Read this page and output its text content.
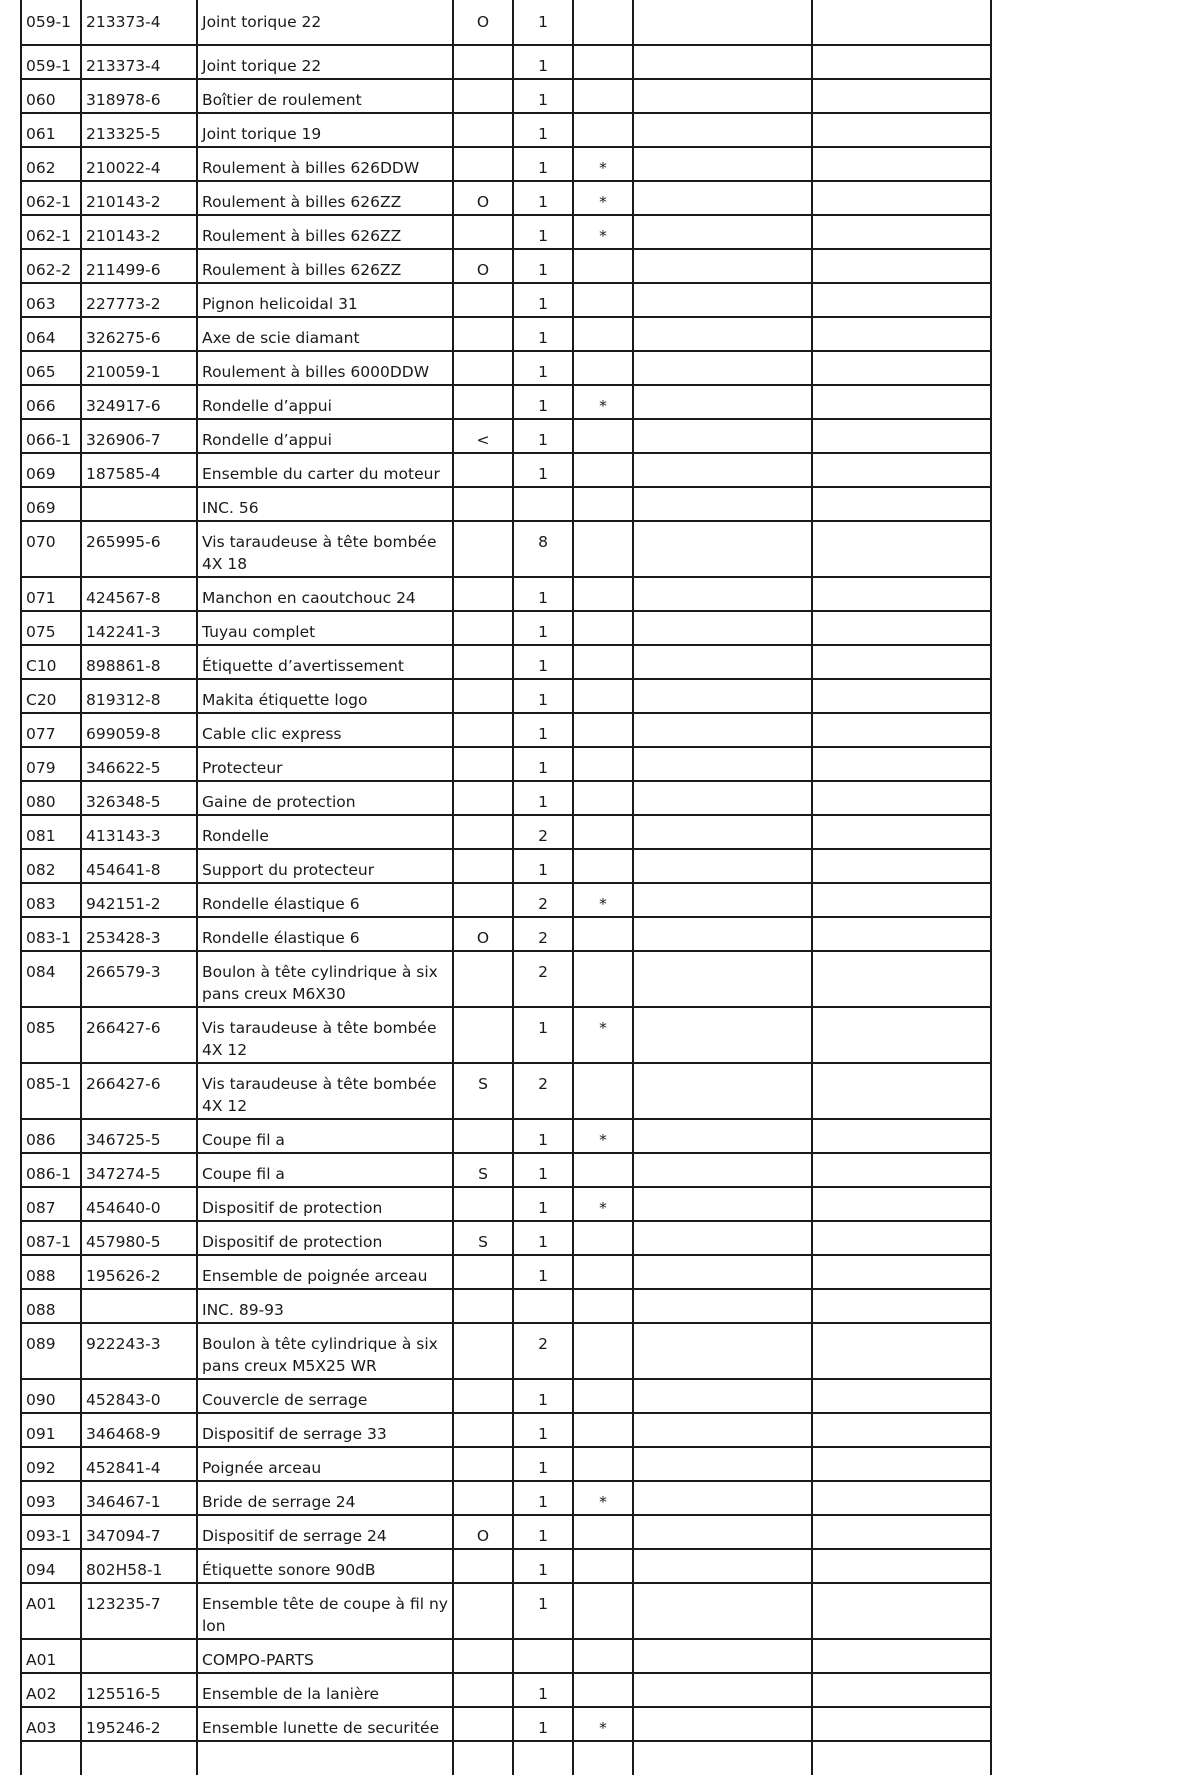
059-1	213373-4	Joint torique 22	O	1			
059-1	213373-4	Joint torique 22		1			
060	318978-6	Boîtier de roulement		1			
061	213325-5	Joint torique 19		1			
062	210022-4	Roulement à billes 626DDW		1	*		
062-1	210143-2	Roulement à billes 626ZZ	O	1	*		
062-1	210143-2	Roulement à billes 626ZZ		1	*		
062-2	211499-6	Roulement à billes 626ZZ	O	1			
063	227773-2	Pignon helicoidal 31		1			
064	326275-6	Axe de scie diamant		1			
065	210059-1	Roulement à billes 6000DDW		1			
066	324917-6	Rondelle d’appui		1	*		
066-1	326906-7	Rondelle d’appui	<	1			
069	187585-4	Ensemble du carter du moteur		1			
069		INC. 56					
070	265995-6	Vis taraudeuse à tête bombée 4X 18		8			
071	424567-8	Manchon en caoutchouc 24		1			
075	142241-3	Tuyau complet		1			
C10	898861-8	Étiquette d’avertissement		1			
C20	819312-8	Makita étiquette logo		1			
077	699059-8	Cable clic express		1			
079	346622-5	Protecteur		1			
080	326348-5	Gaine de protection		1			
081	413143-3	Rondelle		2			
082	454641-8	Support du protecteur		1			
083	942151-2	Rondelle élastique 6		2	*		
083-1	253428-3	Rondelle élastique 6	O	2			
084	266579-3	Boulon à tête cylindrique à six pans creux M6X30		2			
085	266427-6	Vis taraudeuse à tête bombée 4X 12		1	*		
085-1	266427-6	Vis taraudeuse à tête bombée 4X 12	S	2			
086	346725-5	Coupe fil a		1	*		
086-1	347274-5	Coupe fil a	S	1			
087	454640-0	Dispositif de protection		1	*		
087-1	457980-5	Dispositif de protection	S	1			
088	195626-2	Ensemble de poignée arceau		1			
088		INC. 89-93					
089	922243-3	Boulon à tête cylindrique à six pans creux M5X25 WR		2			
090	452843-0	Couvercle de serrage		1			
091	346468-9	Dispositif de serrage 33		1			
092	452841-4	Poignée arceau		1			
093	346467-1	Bride de serrage 24		1	*		
093-1	347094-7	Dispositif de serrage 24	O	1			
094	802H58-1	Étiquette sonore 90dB		1			
A01	123235-7	Ensemble tête de coupe à fil nylon		1			
A01		COMPO-PARTS					
A02	125516-5	Ensemble de la lanière		1			
A03	195246-2	Ensemble lunette de securitée		1	*		
